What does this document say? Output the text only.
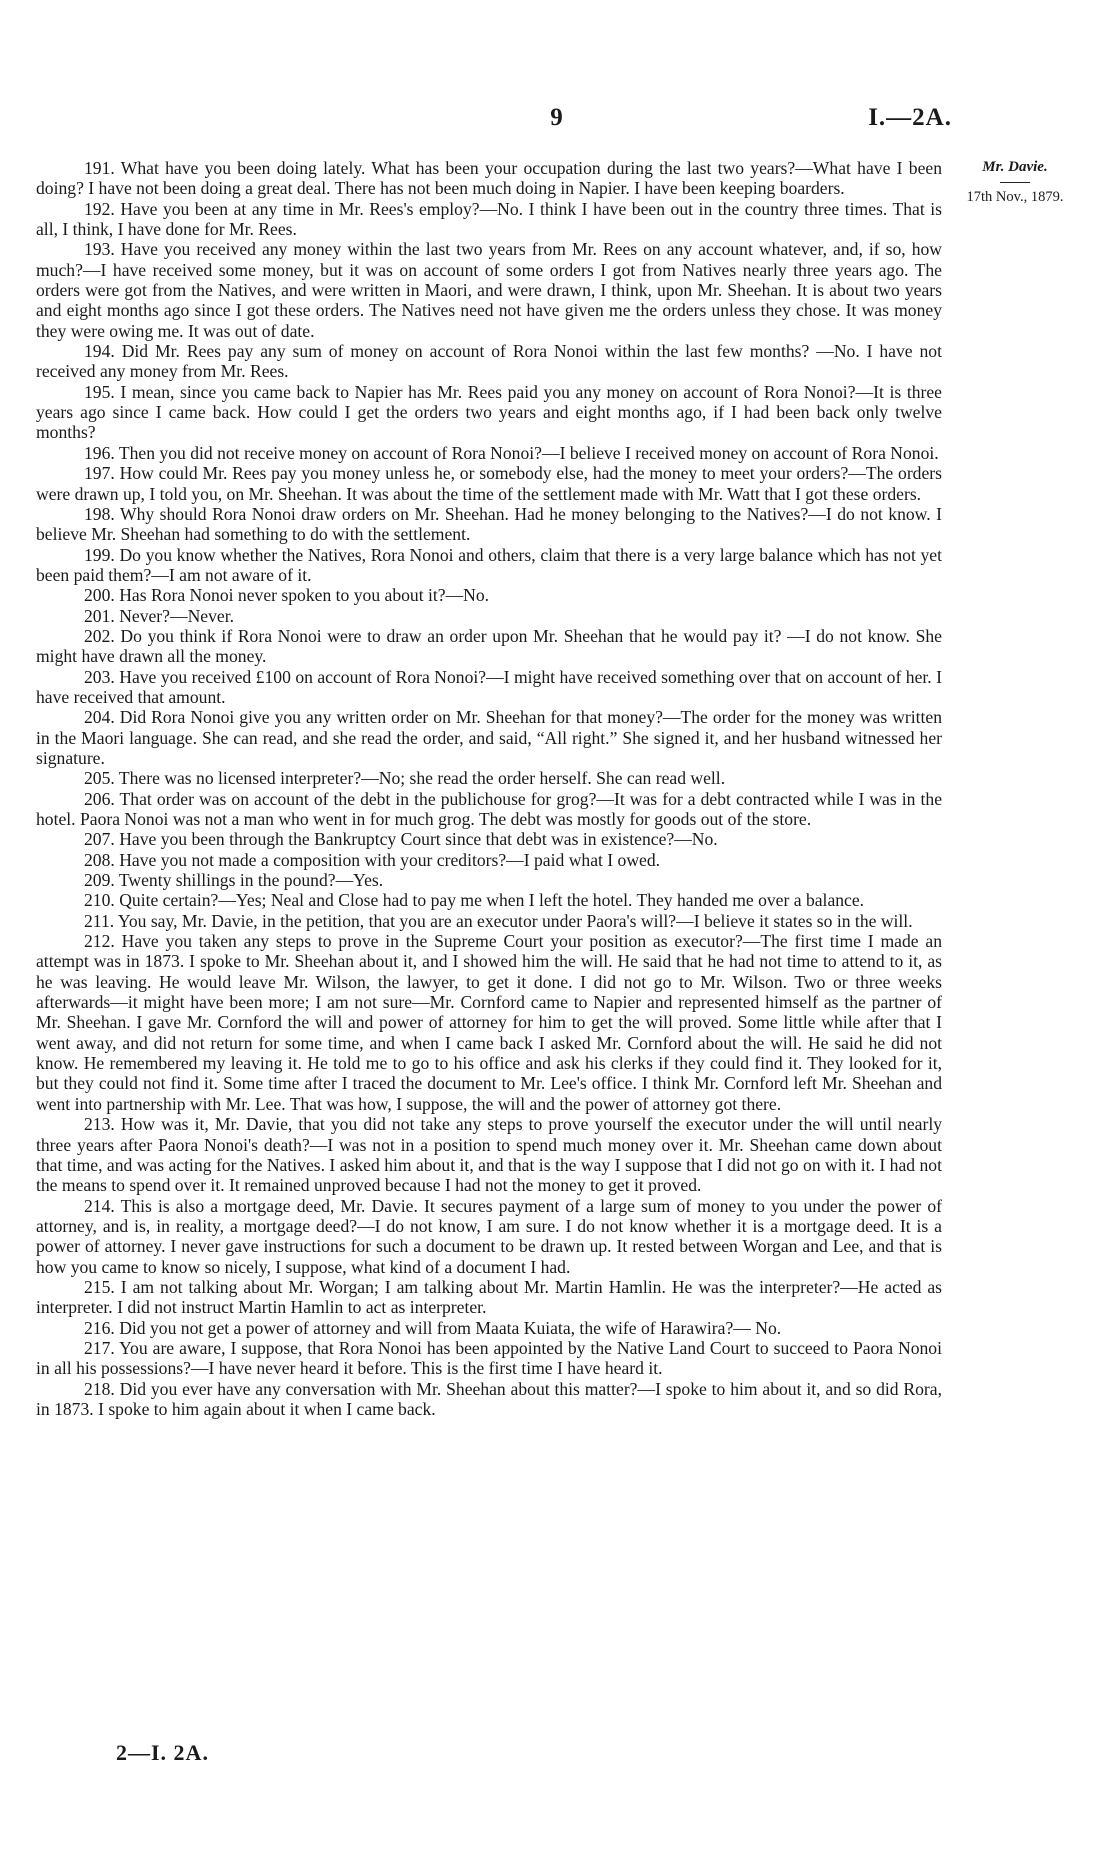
9	I.—2A.
Mr. Davie.
17th Nov., 1879.

191. What have you been doing lately. What has been your occupation during the last two years?—What have I been doing? I have not been doing a great deal. There has not been much doing in Napier. I have been keeping boarders.

192. Have you been at any time in Mr. Rees's employ?—No. I think I have been out in the country three times. That is all, I think, I have done for Mr. Rees.

193. Have you received any money within the last two years from Mr. Rees on any account whatever, and, if so, how much?—I have received some money, but it was on account of some orders I got from Natives nearly three years ago. The orders were got from the Natives, and were written in Maori, and were drawn, I think, upon Mr. Sheehan. It is about two years and eight months ago since I got these orders. The Natives need not have given me the orders unless they chose. It was money they were owing me. It was out of date.

194. Did Mr. Rees pay any sum of money on account of Rora Nonoi within the last few months? —No. I have not received any money from Mr. Rees.

195. I mean, since you came back to Napier has Mr. Rees paid you any money on account of Rora Nonoi?—It is three years ago since I came back. How could I get the orders two years and eight months ago, if I had been back only twelve months?

196. Then you did not receive money on account of Rora Nonoi?—I believe I received money on account of Rora Nonoi.

197. How could Mr. Rees pay you money unless he, or somebody else, had the money to meet your orders?—The orders were drawn up, I told you, on Mr. Sheehan. It was about the time of the settlement made with Mr. Watt that I got these orders.

198. Why should Rora Nonoi draw orders on Mr. Sheehan. Had he money belonging to the Natives?—I do not know. I believe Mr. Sheehan had something to do with the settlement.

199. Do you know whether the Natives, Rora Nonoi and others, claim that there is a very large balance which has not yet been paid them?—I am not aware of it.

200. Has Rora Nonoi never spoken to you about it?—No.

201. Never?—Never.

202. Do you think if Rora Nonoi were to draw an order upon Mr. Sheehan that he would pay it? —I do not know. She might have drawn all the money.

203. Have you received £100 on account of Rora Nonoi?—I might have received something over that on account of her. I have received that amount.

204. Did Rora Nonoi give you any written order on Mr. Sheehan for that money?—The order for the money was written in the Maori language. She can read, and she read the order, and said, “All right.” She signed it, and her husband witnessed her signature.

205. There was no licensed interpreter?—No; she read the order herself. She can read well.

206. That order was on account of the debt in the publichouse for grog?—It was for a debt contracted while I was in the hotel. Paora Nonoi was not a man who went in for much grog. The debt was mostly for goods out of the store.

207. Have you been through the Bankruptcy Court since that debt was in existence?—No.

208. Have you not made a composition with your creditors?—I paid what I owed.

209. Twenty shillings in the pound?—Yes.

210. Quite certain?—Yes; Neal and Close had to pay me when I left the hotel. They handed me over a balance.

211. You say, Mr. Davie, in the petition, that you are an executor under Paora's will?—I believe it states so in the will.

212. Have you taken any steps to prove in the Supreme Court your position as executor?—The first time I made an attempt was in 1873. I spoke to Mr. Sheehan about it, and I showed him the will. He said that he had not time to attend to it, as he was leaving. He would leave Mr. Wilson, the lawyer, to get it done. I did not go to Mr. Wilson. Two or three weeks afterwards—it might have been more; I am not sure—Mr. Cornford came to Napier and represented himself as the partner of Mr. Sheehan. I gave Mr. Cornford the will and power of attorney for him to get the will proved. Some little while after that I went away, and did not return for some time, and when I came back I asked Mr. Cornford about the will. He said he did not know. He remembered my leaving it. He told me to go to his office and ask his clerks if they could find it. They looked for it, but they could not find it. Some time after I traced the document to Mr. Lee's office. I think Mr. Cornford left Mr. Sheehan and went into partnership with Mr. Lee. That was how, I suppose, the will and the power of attorney got there.

213. How was it, Mr. Davie, that you did not take any steps to prove yourself the executor under the will until nearly three years after Paora Nonoi's death?—I was not in a position to spend much money over it. Mr. Sheehan came down about that time, and was acting for the Natives. I asked him about it, and that is the way I suppose that I did not go on with it. I had not the means to spend over it. It remained unproved because I had not the money to get it proved.

214. This is also a mortgage deed, Mr. Davie. It secures payment of a large sum of money to you under the power of attorney, and is, in reality, a mortgage deed?—I do not know, I am sure. I do not know whether it is a mortgage deed. It is a power of attorney. I never gave instructions for such a document to be drawn up. It rested between Worgan and Lee, and that is how you came to know so nicely, I suppose, what kind of a document I had.

215. I am not talking about Mr. Worgan; I am talking about Mr. Martin Hamlin. He was the interpreter?—He acted as interpreter. I did not instruct Martin Hamlin to act as interpreter.

216. Did you not get a power of attorney and will from Maata Kuiata, the wife of Harawira?— No.

217. You are aware, I suppose, that Rora Nonoi has been appointed by the Native Land Court to succeed to Paora Nonoi in all his possessions?—I have never heard it before. This is the first time I have heard it.

218. Did you ever have any conversation with Mr. Sheehan about this matter?—I spoke to him about it, and so did Rora, in 1873. I spoke to him again about it when I came back.

2—I. 2A.
